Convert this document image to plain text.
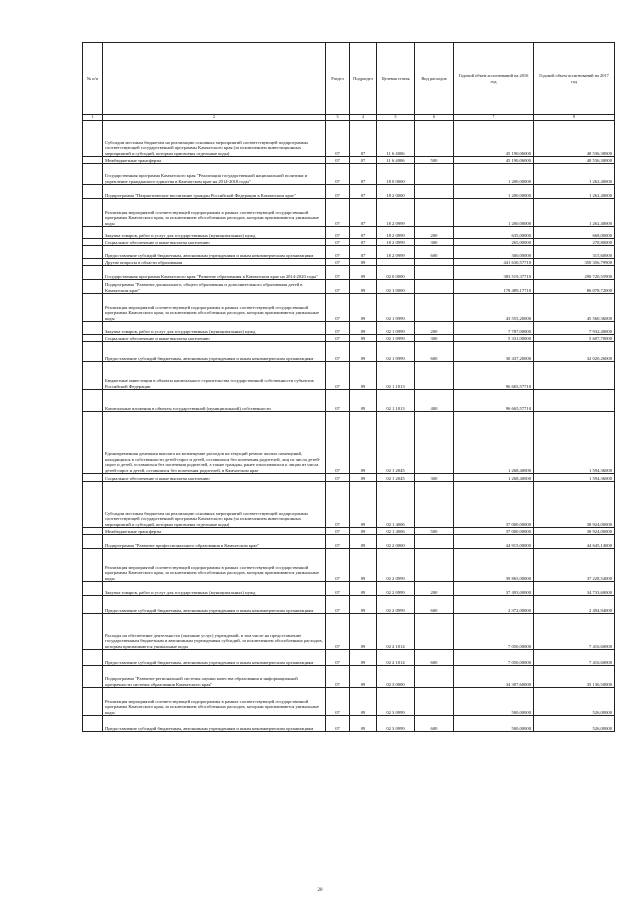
№ п/п		Раздел	Подраздел	Целевая статья	Вид расходов	Годовой объем ассигнований на 2016 год	Годовой объем ассигнований на 2017 год
1	2	3	4	5	6	7	8
	Субсидии местным бюджетам на реализацию основных мероприятий соответствующей подпрограммы соответствующей государственной программы Камчатского края (за исключением инвестиционных мероприятий и субсидий, которым присвоены отдельные коды)	07	07	11 6 4006		45 190,06000	48 536,30000
	Межбюджетные трансферты	07	07	11 6 4006	500	45 190,06000	48 536,30000
	Государственная программа Камчатского края "Реализация государственной национальной политики и укрепление гражданского единства в Камчатском крае на 2014-2018 годы"	07	07	18 0 0000		1 200,00000	1 262,40000
	Подпрограмма "Патриотическое воспитание граждан Российской Федерации в Камчатском крае"	07	07	18 2 0000		1 200,00000	1 262,40000
	Реализация мероприятий соответствующей подпрограммы в рамках соответствующей государственной программы Камчатского края, за исключением обособленных расходов, которым присваиваются уникальные коды	07	07	18 2 0999		1 200,00000	1 262,40000
	Закупка товаров, работ и услуг для государственных (муниципальных) нужд	07	07	18 2 0999	200	635,00000	668,00000
	Социальное обеспечение и иные выплаты населению	07	07	18 2 0999	300	265,00000	278,80000
	Предоставление субсидий бюджетным, автономным учреждениям и иным некоммерческим организациям	07	07	18 2 0999	600	300,00000	315,60000
	Другие вопросы в области образования	07	09			441 630,57710	350 356,79900
	Государственная программа Камчатского края "Развитие образования в Камчатском крае на 2014-2020 годы"	07	09	02 0 0000		383 519,37710	290 720,55900
	Подпрограмма "Развитие дошкольного, общего образования и дополнительного образования детей в Камчатском крае"	07	09	02 1 0000		178 489,17710	86 078,72000
	Реализация мероприятий соответствующей подпрограммы в рамках соответствующей государственной программы Камчатского края, за исключением обособленных расходов, которым присваиваются уникальные коды	07	09	02 1 0999		43 555,20000	45 560,36000
	Закупка товаров, работ и услуг для государственных (муниципальных) нужд	07	09	02 1 0999	200	7 787,00000	7 932,40000
	Социальное обеспечение и иные выплаты населению	07	09	02 1 0999	300	5 331,00000	5 607,70000
	Предоставление субсидий бюджетным, автономным учреждениям и иным некоммерческим организациям	07	09	02 1 0999	600	30 437,20000	32 020,26000
	Бюджетные инвестиции в объекты капитального строительства государственной собственности субъектов Российской Федерации	07	09	02 1 1013		96 665,57710	
	Капитальные вложения в объекты государственной (муниципальной) собственности	07	09	02 1 1013	400	96 665,57710	
	Единовременная денежная выплата на возмещение расходов на текущий ремонт жилых помещений, находящихся в собственности детей-сирот и детей, оставшихся без попечения родителей, лиц из числа детей-сирот и детей, оставшихся без попечения родителей, а также граждан, ранее относившихся к лицам из числа детей-сирот и детей, оставшихся без попечения родителей, в Камчатском крае	07	09	02 1 2045		1 268,40000	1 594,36000
	Социальное обеспечение и иные выплаты населению	07	09	02 1 2045	300	1 268,40000	1 594,36000
	Субсидии местным бюджетам на реализацию основных мероприятий соответствующей подпрограммы соответствующей государственной программы Камчатского края (за исключением инвестиционных мероприятий и субсидий, которым присвоены отдельные коды)	07	09	02 1 4006		37 000,00000	38 924,00000
	Межбюджетные трансферты	07	09	02 1 4006	500	37 000,00000	38 924,00000
	Подпрограмма "Развитие профессионального образования в Камчатском крае"	07	09	02 2 0000		44 915,00000	44 645,14000
	Реализация мероприятий соответствующей подпрограммы в рамках соответствующей государственной программы Камчатского края, за исключением обособленных расходов, которым присваиваются уникальные коды	07	09	02 2 0999		39 865,00000	37 228,54000
	Закупка товаров, работ и услуг для государственных (муниципальных) нужд	07	09	02 2 0999	200	37 493,00000	34 733,60000
	Предоставление субсидий бюджетным, автономным учреждениям и иным некоммерческим организациям	07	09	02 2 0999	600	2 372,00000	2 494,94000
	Расходы на обеспечение деятельности (оказание услуг) учреждений, в том числе на предоставление государственным бюджетным и автономным учреждениям субсидий, за исключением обособленных расходов, которым присваиваются уникальные коды	07	09	02 2 1014		7 050,00000	7 416,60000
	Предоставление субсидий бюджетным, автономным учреждениям и иным некоммерческим организациям	07	09	02 2 1014	600	7 050,00000	7 416,60000
	Подпрограмма "Развитие региональной системы оценки качества образования и информационной прозрачности системы образования Камчатского края"	07	09	02 3 0000		34 307,60000	35 136,50000
	Реализация мероприятий соответствующей подпрограммы в рамках соответствующей государственной программы Камчатского края, за исключением обособленных расходов, которым присваиваются уникальные коды	07	09	02 3 0999		500,00000	526,00000
	Предоставление субсидий бюджетным, автономным учреждениям и иным некоммерческим организациям	07	09	02 3 0999	600	500,00000	526,00000
20
